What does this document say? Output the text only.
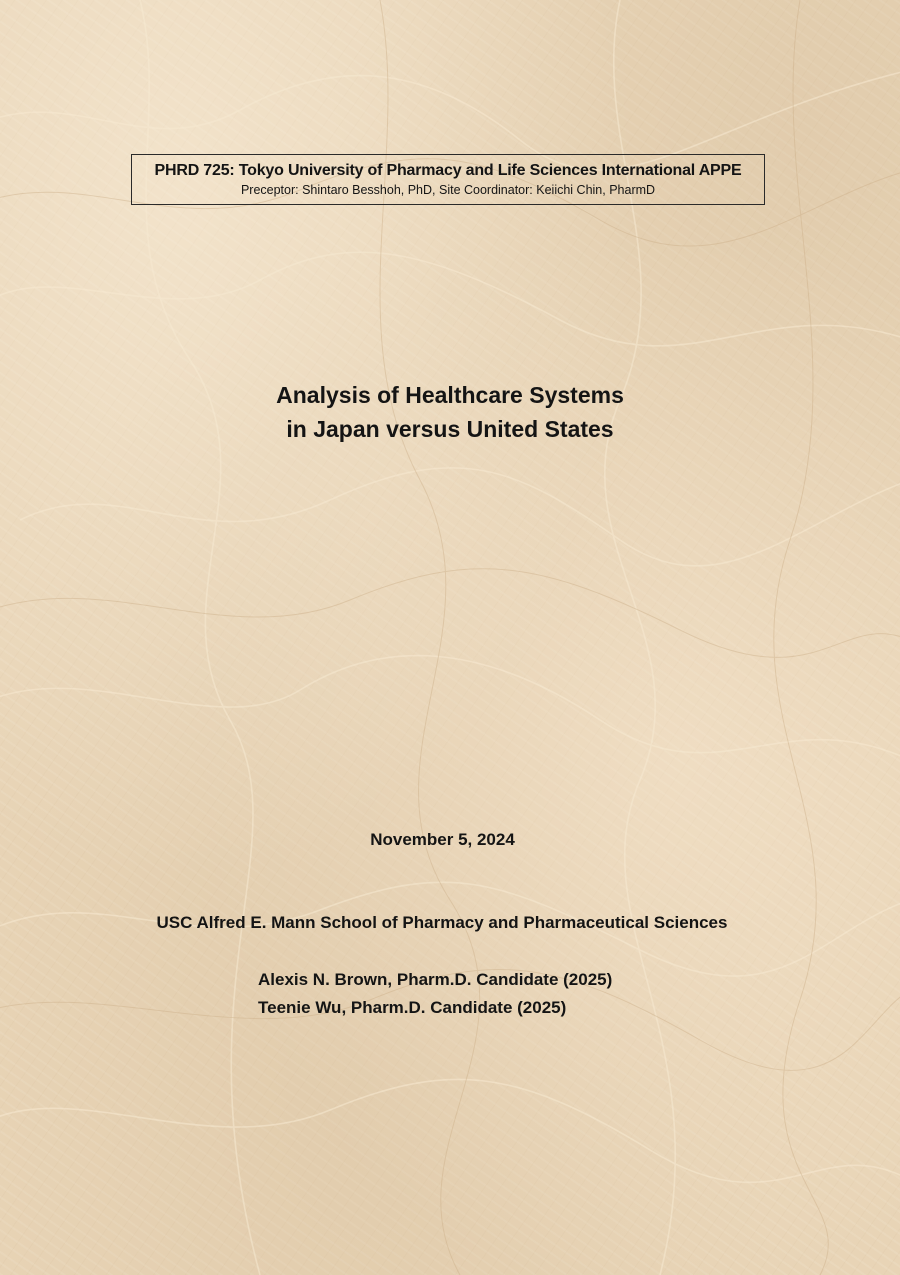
PHRD 725: Tokyo University of Pharmacy and Life Sciences International APPE
Preceptor: Shintaro Besshoh, PhD, Site Coordinator: Keiichi Chin, PharmD
Analysis of Healthcare Systems
in Japan versus United States
November 5, 2024
USC Alfred E. Mann School of Pharmacy and Pharmaceutical Sciences
Alexis N. Brown, Pharm.D. Candidate (2025)
Teenie Wu, Pharm.D. Candidate (2025)
